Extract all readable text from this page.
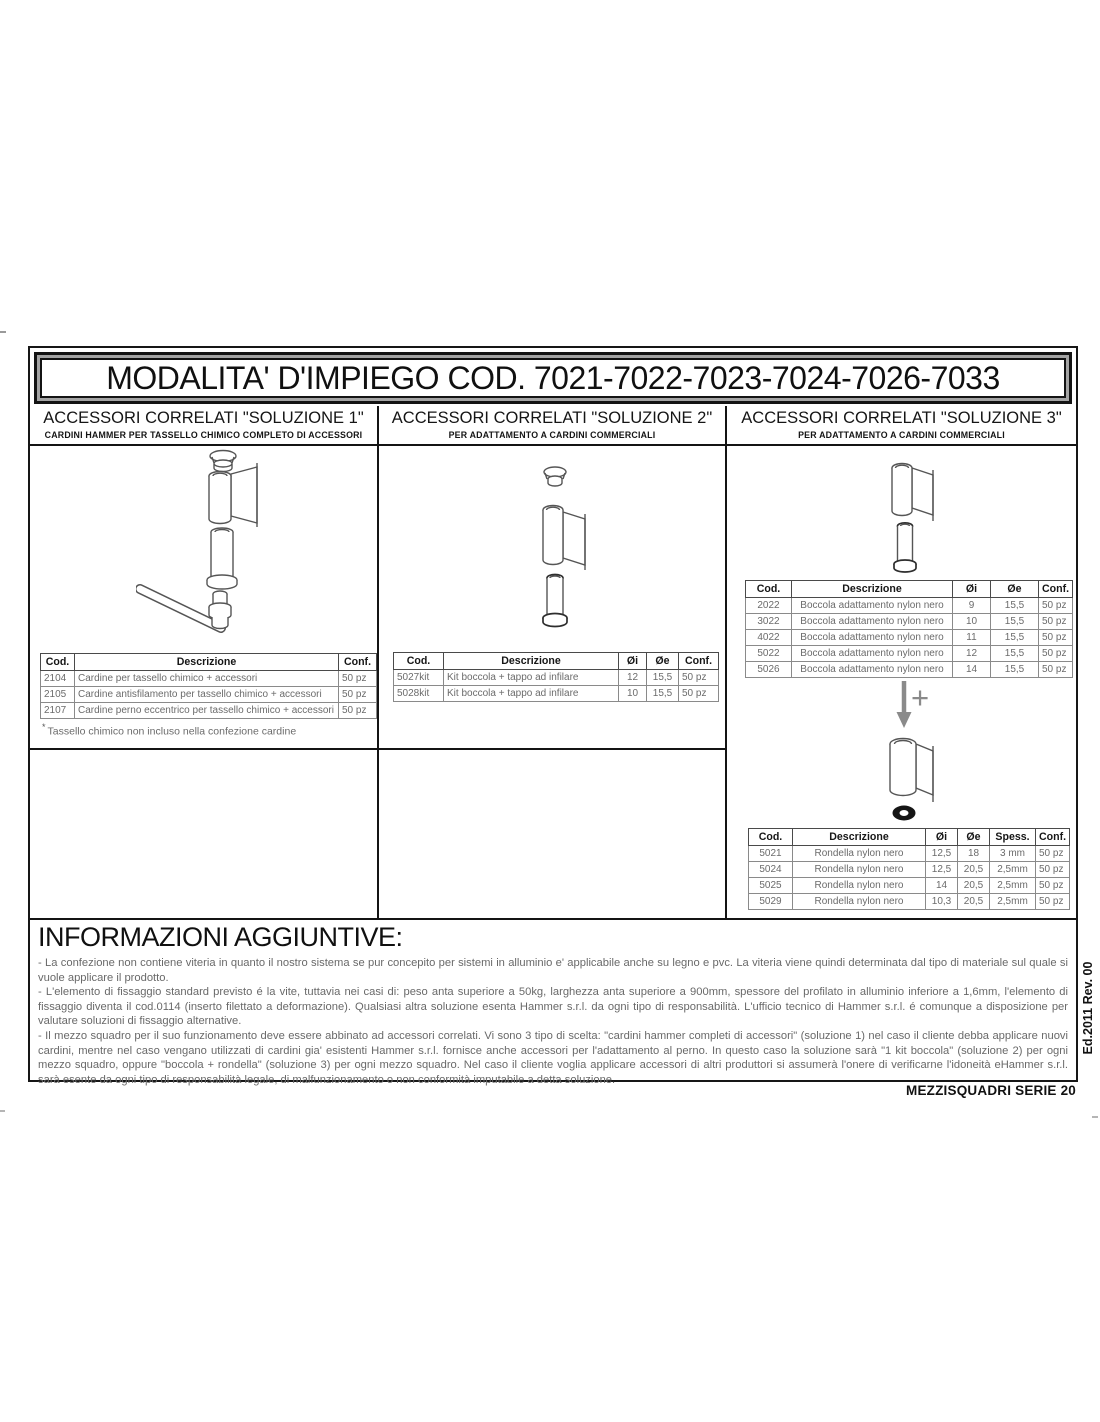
MODALITA' D'IMPIEGO COD. 7021-7022-7023-7024-7026-7033
ACCESSORI CORRELATI "SOLUZIONE 1"
CARDINI HAMMER PER TASSELLO CHIMICO COMPLETO DI ACCESSORI
ACCESSORI CORRELATI "SOLUZIONE 2"
PER ADATTAMENTO A CARDINI COMMERCIALI
ACCESSORI CORRELATI "SOLUZIONE 3"
PER ADATTAMENTO A CARDINI COMMERCIALI
Cod.	Descrizione	Conf.
2104	Cardine per tassello chimico + accessori	50 pz
2105	Cardine antisfilamento per tassello chimico + accessori	50 pz
2107	Cardine perno eccentrico per tassello chimico + accessori	50 pz
* Tassello chimico non incluso nella confezione cardine
Cod.	Descrizione	Øi	Øe	Conf.
5027kit	Kit boccola + tappo ad infilare	12	15,5	50 pz
5028kit	Kit boccola + tappo ad infilare	10	15,5	50 pz
Cod.	Descrizione	Øi	Øe	Conf.
2022	Boccola adattamento nylon nero	9	15,5	50 pz
3022	Boccola adattamento nylon nero	10	15,5	50 pz
4022	Boccola adattamento nylon nero	11	15,5	50 pz
5022	Boccola adattamento nylon nero	12	15,5	50 pz
5026	Boccola adattamento nylon nero	14	15,5	50 pz
+
Cod.	Descrizione	Øi	Øe	Spess.	Conf.
5021	Rondella nylon nero	12,5	18	3 mm	50 pz
5024	Rondella nylon nero	12,5	20,5	2,5mm	50 pz
5025	Rondella nylon nero	14	20,5	2,5mm	50 pz
5029	Rondella nylon nero	10,3	20,5	2,5mm	50 pz
INFORMAZIONI AGGIUNTIVE:

- La confezione non contiene viteria in quanto il nostro sistema se pur concepito per sistemi in alluminio e' applicabile anche su legno e pvc. La viteria viene quindi determinata dal tipo di materiale sul quale si vuole applicare il prodotto.

- L'elemento di fissaggio standard previsto é la vite, tuttavia nei casi di: peso anta superiore a 50kg, larghezza anta superiore a 900mm, spessore del profilato in alluminio inferiore a 1,6mm, l'elemento di fissaggio diventa il cod.0114 (inserto filettato a deformazione). Qualsiasi altra soluzione esenta Hammer s.r.l. da ogni tipo di responsabilità. L'ufficio tecnico di Hammer s.r.l. é comunque a disposizione per valutare soluzioni di fissaggio alternative.

- Il mezzo squadro per il suo funzionamento deve essere abbinato ad accessori correlati. Vi sono 3 tipo di scelta: "cardini hammer completi di accessori" (soluzione 1) nel caso il cliente debba applicare nuovi cardini, mentre nel caso vengano utilizzati di cardini gia' esistenti Hammer s.r.l. fornisce anche accessori per l'adattamento al perno. In questo caso la soluzione sarà "1 kit boccola" (soluzione 2) per ogni mezzo squadro, oppure "boccola + rondella" (soluzione 3) per ogni mezzo squadro. Nel caso il cliente voglia applicare accessori di altri produttori si assumerà l'onere di verificarne l'idoneità eHammer s.r.l. sarà esente da ogni tipo di responsabilità legale, di malfunzionamento o non conformità imputabile a detta soluzione.

Ed.2011 Rev. 00
MEZZISQUADRI SERIE 20
